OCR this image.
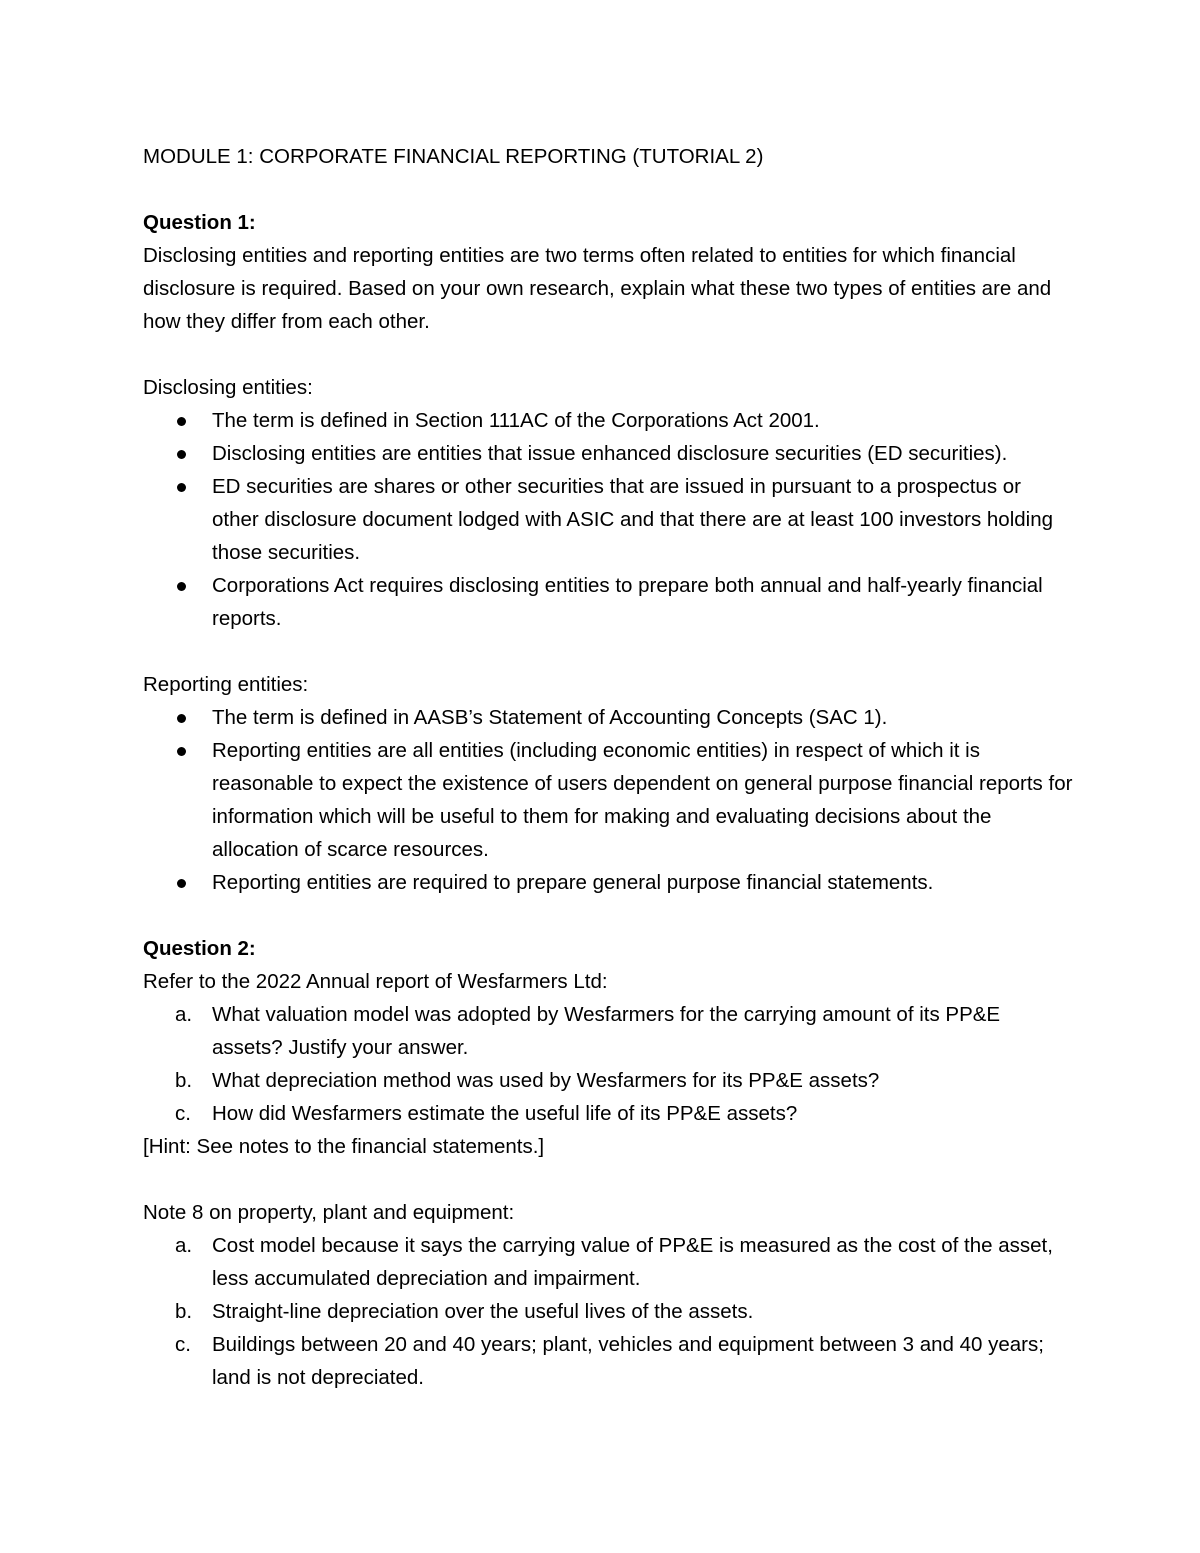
MODULE 1: CORPORATE FINANCIAL REPORTING (TUTORIAL 2)

Question 1:

Disclosing entities and reporting entities are two terms often related to entities for which financial disclosure is required. Based on your own research, explain what these two types of entities are and how they differ from each other.

Disclosing entities:

The term is defined in Section 111AC of the Corporations Act 2001.
Disclosing entities are entities that issue enhanced disclosure securities (ED securities).
ED securities are shares or other securities that are issued in pursuant to a prospectus or other disclosure document lodged with ASIC and that there are at least 100 investors holding those securities.
Corporations Act requires disclosing entities to prepare both annual and half-yearly financial reports.

Reporting entities:

The term is defined in AASB’s Statement of Accounting Concepts (SAC 1).
Reporting entities are all entities (including economic entities) in respect of which it is reasonable to expect the existence of users dependent on general purpose financial reports for information which will be useful to them for making and evaluating decisions about the allocation of scarce resources.
Reporting entities are required to prepare general purpose financial statements.

Question 2:

Refer to the 2022 Annual report of Wesfarmers Ltd:

a. What valuation model was adopted by Wesfarmers for the carrying amount of its PP&E assets? Justify your answer.
b. What depreciation method was used by Wesfarmers for its PP&E assets?
c.	How did Wesfarmers estimate the useful life of its PP&E assets?

[Hint: See notes to the financial statements.]

Note 8 on property, plant and equipment:

a. Cost model because it says the carrying value of PP&E is measured as the cost of the asset, less accumulated depreciation and impairment.
b. Straight-line depreciation over the useful lives of the assets.
c.	Buildings between 20 and 40 years; plant, vehicles and equipment between 3 and 40 years; land is not depreciated.
